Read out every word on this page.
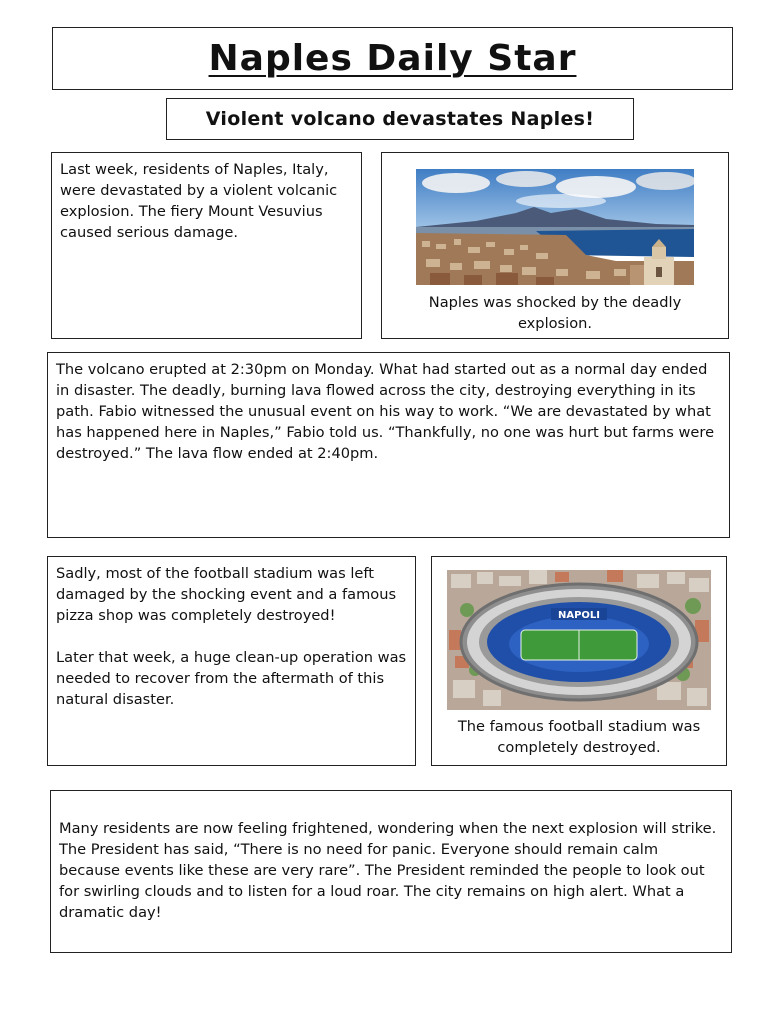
Naples Daily Star
Violent volcano devastates Naples!
Last week, residents of Naples, Italy, were devastated by a violent volcanic explosion. The fiery Mount Vesuvius caused serious damage.
Naples was shocked by the deadly explosion.
The volcano erupted at 2:30pm on Monday. What had started out as a normal day ended in disaster. The deadly, burning lava flowed across the city, destroying everything in its path. Fabio witnessed the unusual event on his way to work. “We are devastated by what has happened here in Naples,” Fabio told us. “Thankfully, no one was hurt but farms were destroyed.” The lava flow ended at 2:40pm.

Sadly, most of the football stadium was left damaged by the shocking event and a famous pizza shop was completely destroyed!

Later that week, a huge clean-up operation was needed to recover from the aftermath of this natural disaster.

NAPOLI
The famous football stadium was completely destroyed.
Many residents are now feeling frightened, wondering when the next explosion will strike. The President has said, “There is no need for panic. Everyone should remain calm because events like these are very rare”. The President reminded the people to look out for swirling clouds and to listen for a loud roar. The city remains on high alert. What a dramatic day!
